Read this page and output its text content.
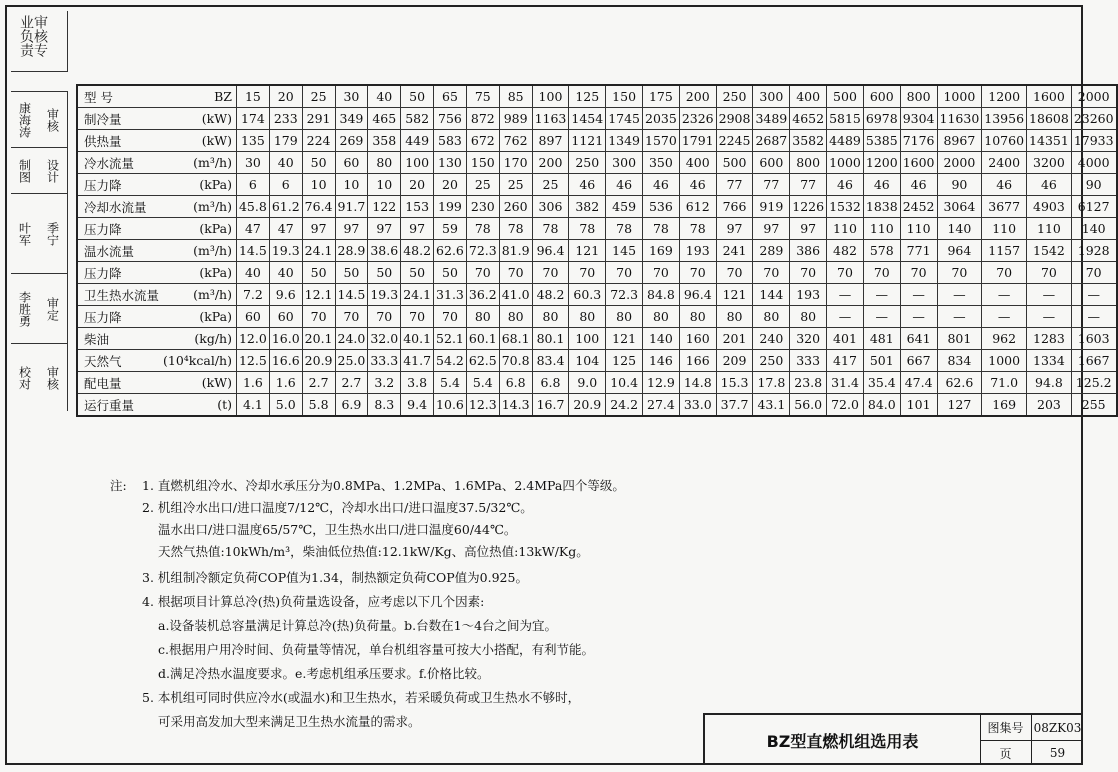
审核专业负责
康海涛	审核
制图	设计
叶军	季宁
李胜勇	审定
校对	审核
型 号	BZ	15	20	25	30	40	50	65	75	85	100	125	150	175	200	250	300	400	500	600	800	1000	1200	1600	2000
制冷量	(kW)	174	233	291	349	465	582	756	872	989	1163	1454	1745	2035	2326	2908	3489	4652	5815	6978	9304	11630	13956	18608	23260
供热量	(kW)	135	179	224	269	358	449	583	672	762	897	1121	1349	1570	1791	2245	2687	3582	4489	5385	7176	8967	10760	14351	17933
冷水流量	(m³/h)	30	40	50	60	80	100	130	150	170	200	250	300	350	400	500	600	800	1000	1200	1600	2000	2400	3200	4000
压力降	(kPa)	6	6	10	10	10	20	20	25	25	25	46	46	46	46	77	77	77	46	46	46	90	46	46	90
冷却水流量	(m³/h)	45.8	61.2	76.4	91.7	122	153	199	230	260	306	382	459	536	612	766	919	1226	1532	1838	2452	3064	3677	4903	6127
压力降	(kPa)	47	47	97	97	97	97	59	78	78	78	78	78	78	78	97	97	97	110	110	110	140	110	110	140
温水流量	(m³/h)	14.5	19.3	24.1	28.9	38.6	48.2	62.6	72.3	81.9	96.4	121	145	169	193	241	289	386	482	578	771	964	1157	1542	1928
压力降	(kPa)	40	40	50	50	50	50	50	70	70	70	70	70	70	70	70	70	70	70	70	70	70	70	70	70
卫生热水流量	(m³/h)	7.2	9.6	12.1	14.5	19.3	24.1	31.3	36.2	41.0	48.2	60.3	72.3	84.8	96.4	121	144	193	—	—	—	—	—	—	—
压力降	(kPa)	60	60	70	70	70	70	70	80	80	80	80	80	80	80	80	80	80	—	—	—	—	—	—	—
柴油	(kg/h)	12.0	16.0	20.1	24.0	32.0	40.1	52.1	60.1	68.1	80.1	100	121	140	160	201	240	320	401	481	641	801	962	1283	1603
天然气	(10⁴kcal/h)	12.5	16.6	20.9	25.0	33.3	41.7	54.2	62.5	70.8	83.4	104	125	146	166	209	250	333	417	501	667	834	1000	1334	1667
配电量	(kW)	1.6	1.6	2.7	2.7	3.2	3.8	5.4	5.4	6.8	6.8	9.0	10.4	12.9	14.8	15.3	17.8	23.8	31.4	35.4	47.4	62.6	71.0	94.8	125.2
运行重量	(t)	4.1	5.0	5.8	6.9	8.3	9.4	10.6	12.3	14.3	16.7	20.9	24.2	27.4	33.0	37.7	43.1	56.0	72.0	84.0	101	127	169	203	255
注: 1. 直燃机组冷水、冷却水承压分为0.8MPa、1.2MPa、1.6MPa、2.4MPa四个等级。
2. 机组冷水出口/进口温度7/12℃，冷却水出口/进口温度37.5/32℃。
温水出口/进口温度65/57℃，卫生热水出口/进口温度60/44℃。
天然气热值:10kWh/m³，柴油低位热值:12.1kW/Kg、高位热值:13kW/Kg。
3. 机组制冷额定负荷COP值为1.34，制热额定负荷COP值为0.925。
4. 根据项目计算总冷(热)负荷量选设备，应考虑以下几个因素:
a.设备装机总容量满足计算总冷(热)负荷量。b.台数在1～4台之间为宜。
c.根据用户用冷时间、负荷量等情况，单台机组容量可按大小搭配，有利节能。
d.满足冷热水温度要求。e.考虑机组承压要求。f.价格比较。
5. 本机组可同时供应冷水(或温水)和卫生热水，若采暖负荷或卫生热水不够时，
可采用高发加大型来满足卫生热水流量的需求。
BZ型直燃机组选用表
图集号 08ZK03
页	59
